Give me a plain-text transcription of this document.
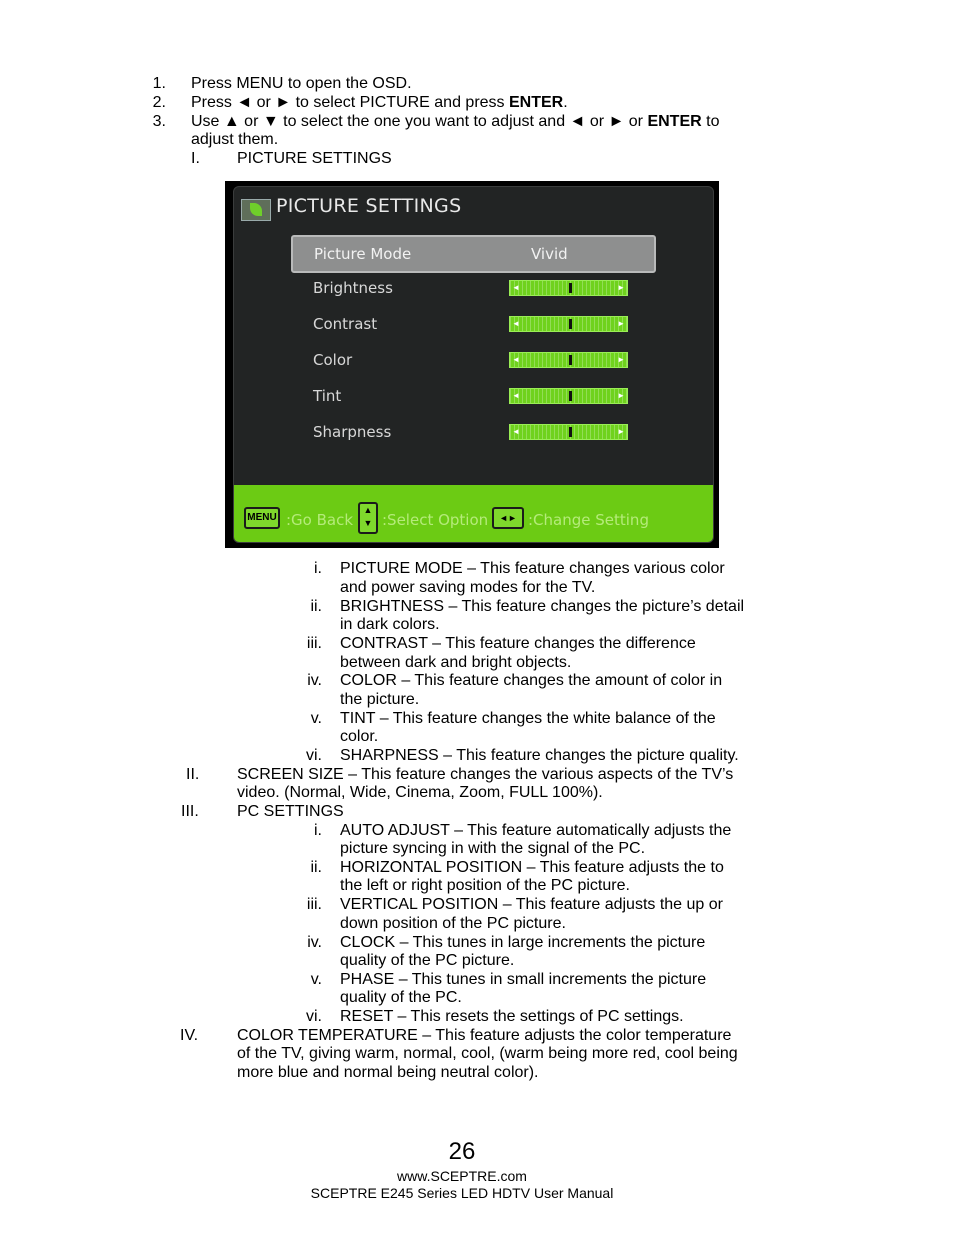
1. Press MENU to open the OSD.
2. Press ◄ or ► to select PICTURE and press ENTER.
3. Use ▲ or ▼ to select the one you want to adjust and ◄ or ► or ENTER to
adjust them.
I. PICTURE SETTINGS
PICTURE SETTINGS
Picture Mode	Vivid
Brightness	◄	►
Contrast	◄	►
Color	◄	►
Tint	◄	►
Sharpness	◄	►
MENU :Go Back
▲
▼ :Select Option	◄► :Change Setting
i. PICTURE MODE – This feature changes various color
and power saving modes for the TV.
ii. BRIGHTNESS – This feature changes the picture’s detail
in dark colors.
iii. CONTRAST – This feature changes the difference
between dark and bright objects.
iv. COLOR – This feature changes the amount of color in
the picture.
v. TINT – This feature changes the white balance of the
color.
vi. SHARPNESS – This feature changes the picture quality.
II. SCREEN SIZE – This feature changes the various aspects of the TV’s
video. (Normal, Wide, Cinema, Zoom, FULL 100%).
III. PC SETTINGS
i. AUTO ADJUST – This feature automatically adjusts the
picture syncing in with the signal of the PC.
ii. HORIZONTAL POSITION – This feature adjusts the to
the left or right position of the PC picture.
iii. VERTICAL POSITION – This feature adjusts the up or
down position of the PC picture.
iv. CLOCK – This tunes in large increments the picture
quality of the PC picture.
v. PHASE – This tunes in small increments the picture
quality of the PC.
vi. RESET – This resets the settings of PC settings.
IV. COLOR TEMPERATURE – This feature adjusts the color temperature
of the TV, giving warm, normal, cool, (warm being more red, cool being
more blue and normal being neutral color).
26
www.SCEPTRE.com
SCEPTRE E245 Series LED HDTV User Manual
